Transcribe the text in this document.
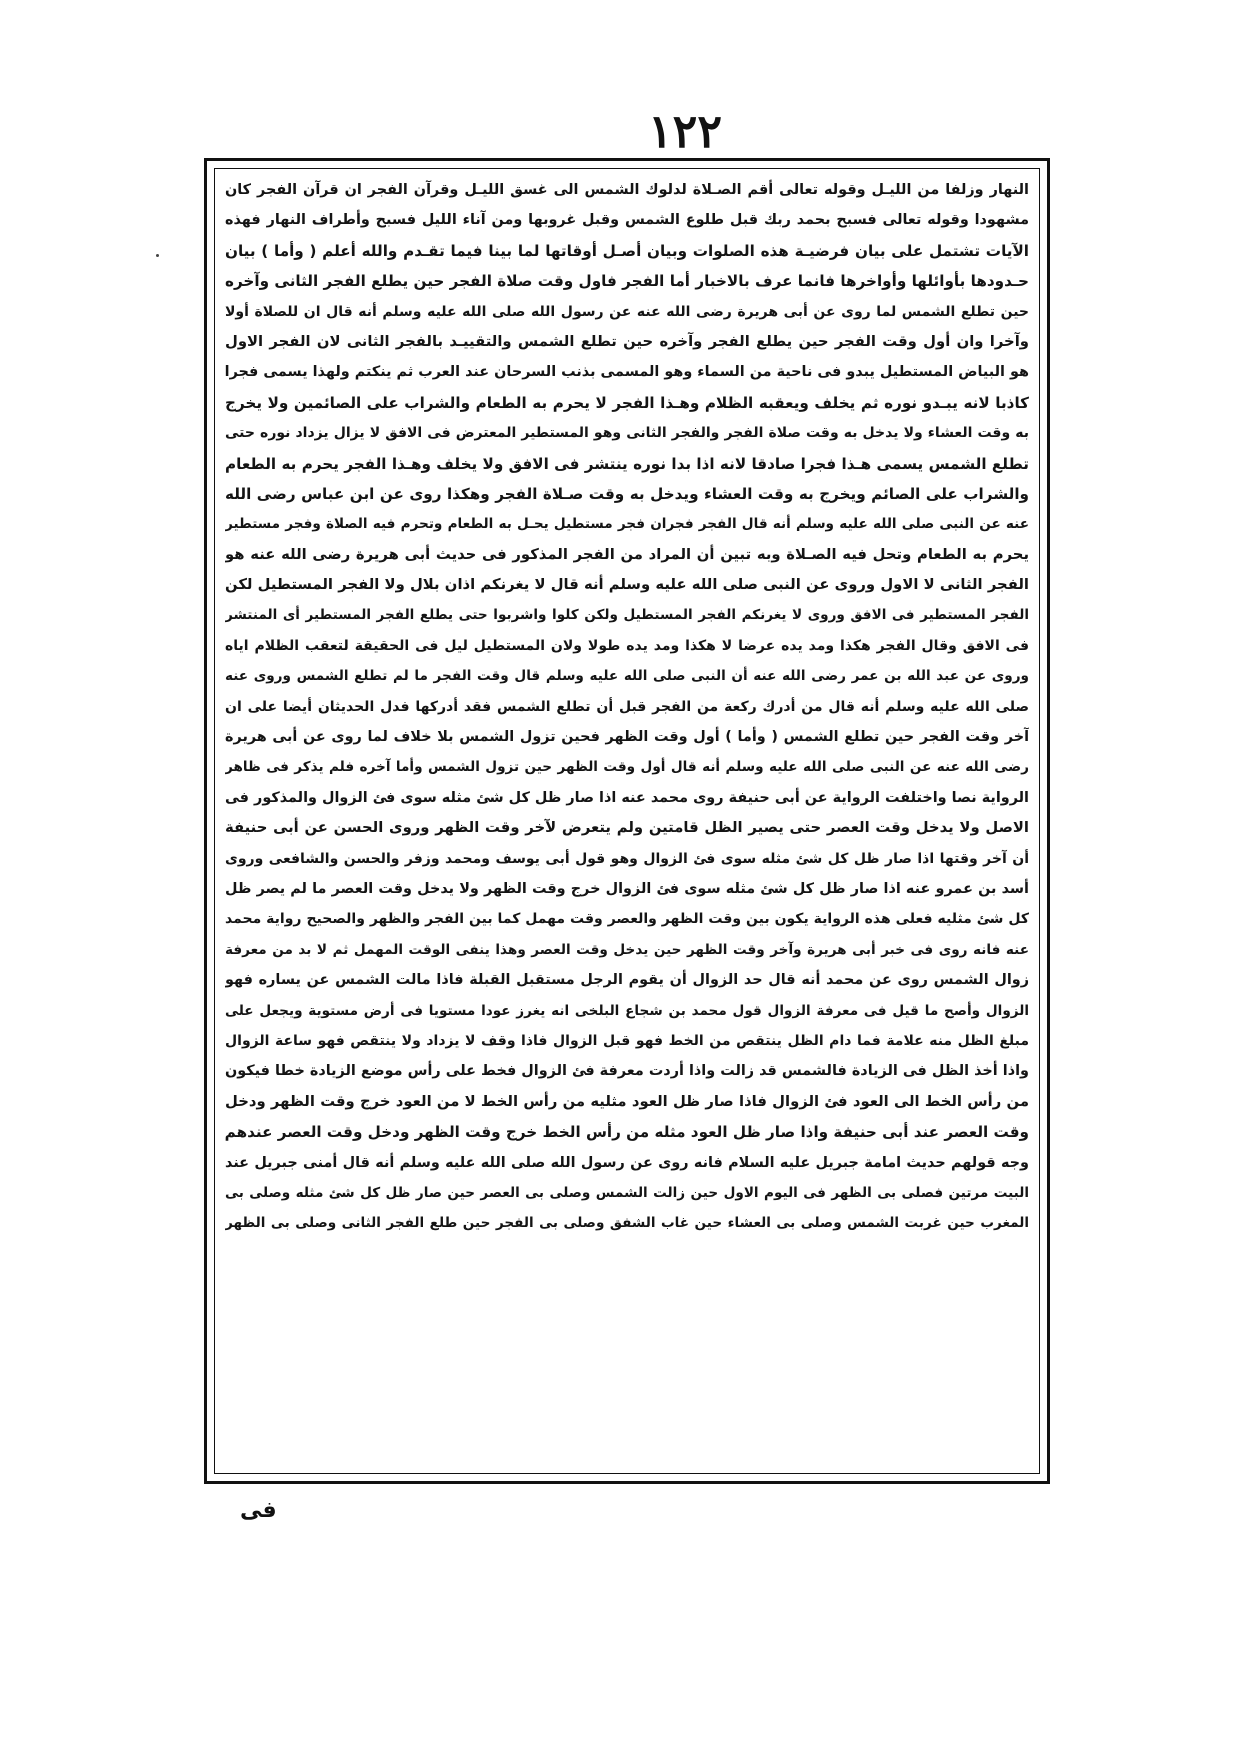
١٢٢
النهار وزلفا من الليـل وقوله تعالى أقم الصـلاة لدلوك الشمس الى غسق الليـل وقرآن الفجر ان قرآن الفجر كان
مشهودا وقوله تعالى فسبح بحمد ربك قبل طلوع الشمس وقبل غروبها ومن آناء الليل فسبح وأطراف النهار فهذه
الآيات تشتمل على بيان فرضيـة هذه الصلوات وبيان أصـل أوقاتها لما بينا فيما تقـدم والله أعلم ( وأما ) بيان
حـدودها بأوائلها وأواخرها فانما عرف بالاخبار أما الفجر فاول وقت صلاة الفجر حين يطلع الفجر الثانى وآخره
حين تطلع الشمس لما روى عن أبى هريرة رضى الله عنه عن رسول الله صلى الله عليه وسلم أنه قال ان للصلاة أولا
وآخرا وان أول وقت الفجر حين يطلع الفجر وآخره حين تطلع الشمس والتقييـد بالفجر الثانى لان الفجر الاول
هو البياض المستطيل يبدو فى ناحية من السماء وهو المسمى بذنب السرحان عند العرب ثم ينكتم ولهذا يسمى فجرا
كاذبا لانه يبـدو نوره ثم يخلف ويعقبه الظلام وهـذا الفجر لا يحرم به الطعام والشراب على الصائمين ولا يخرج
به وقت العشاء ولا يدخل به وقت صلاة الفجر والفجر الثانى وهو المستطير المعترض فى الافق لا يزال يزداد نوره حتى
تطلع الشمس يسمى هـذا فجرا صادقا لانه اذا بدا نوره ينتشر فى الافق ولا يخلف وهـذا الفجر يحرم به الطعام
والشراب على الصائم ويخرج به وقت العشاء ويدخل به وقت صـلاة الفجر وهكذا روى عن ابن عباس رضى الله
عنه عن النبى صلى الله عليه وسلم أنه قال الفجر فجران فجر مستطيل يحـل به الطعام وتحرم فيه الصلاة وفجر مستطير
يحرم به الطعام وتحل فيه الصـلاة وبه تبين أن المراد من الفجر المذكور فى حديث أبى هريرة رضى الله عنه هو
الفجر الثانى لا الاول وروى عن النبى صلى الله عليه وسلم أنه قال لا يغرنكم اذان بلال ولا الفجر المستطيل لكن
الفجر المستطير فى الافق وروى لا يغرنكم الفجر المستطيل ولكن كلوا واشربوا حتى يطلع الفجر المستطير أى المنتشر
فى الافق وقال الفجر هكذا ومد يده عرضا لا هكذا ومد يده طولا ولان المستطيل ليل فى الحقيقة لتعقب الظلام اياه
وروى عن عبد الله بن عمر رضى الله عنه أن النبى صلى الله عليه وسلم قال وقت الفجر ما لم تطلع الشمس وروى عنه
صلى الله عليه وسلم أنه قال من أدرك ركعة من الفجر قبل أن تطلع الشمس فقد أدركها فدل الحديثان أيضا على ان
آخر وقت الفجر حين تطلع الشمس ( وأما ) أول وقت الظهر فحين تزول الشمس بلا خلاف لما روى عن أبى هريرة
رضى الله عنه عن النبى صلى الله عليه وسلم أنه قال أول وقت الظهر حين تزول الشمس وأما آخره فلم يذكر فى ظاهر
الرواية نصا واختلفت الرواية عن أبى حنيفة روى محمد عنه اذا صار ظل كل شئ مثله سوى فئ الزوال والمذكور فى
الاصل ولا يدخل وقت العصر حتى يصير الظل قامتين ولم يتعرض لآخر وقت الظهر وروى الحسن عن أبى حنيفة
أن آخر وقتها اذا صار ظل كل شئ مثله سوى فئ الزوال وهو قول أبى يوسف ومحمد وزفر والحسن والشافعى وروى
أسد بن عمرو عنه اذا صار ظل كل شئ مثله سوى فئ الزوال خرج وقت الظهر ولا يدخل وقت العصر ما لم يصر ظل
كل شئ مثليه فعلى هذه الرواية يكون بين وقت الظهر والعصر وقت مهمل كما بين الفجر والظهر والصحيح رواية محمد
عنه فانه روى فى خبر أبى هريرة وآخر وقت الظهر حين يدخل وقت العصر وهذا ينفى الوقت المهمل ثم لا بد من معرفة
زوال الشمس روى عن محمد أنه قال حد الزوال أن يقوم الرجل مستقبل القبلة فاذا مالت الشمس عن يساره فهو
الزوال وأصح ما قيل فى معرفة الزوال قول محمد بن شجاع البلخى انه يغرز عودا مستويا فى أرض مستوية ويجعل على
مبلغ الظل منه علامة فما دام الظل ينتقص من الخط فهو قبل الزوال فاذا وقف لا يزداد ولا ينتقص فهو ساعة الزوال
واذا أخذ الظل فى الزيادة فالشمس قد زالت واذا أردت معرفة فئ الزوال فخط على رأس موضع الزيادة خطا فيكون
من رأس الخط الى العود فئ الزوال فاذا صار ظل العود مثليه من رأس الخط لا من العود خرج وقت الظهر ودخل
وقت العصر عند أبى حنيفة واذا صار ظل العود مثله من رأس الخط خرج وقت الظهر ودخل وقت العصر عندهم
وجه قولهم حديث امامة جبريل عليه السلام فانه روى عن رسول الله صلى الله عليه وسلم أنه قال أمنى جبريل عند
البيت مرتين فصلى بى الظهر فى اليوم الاول حين زالت الشمس وصلى بى العصر حين صار ظل كل شئ مثله وصلى بى
المغرب حين غربت الشمس وصلى بى العشاء حين غاب الشفق وصلى بى الفجر حين طلع الفجر الثانى وصلى بى الظهر
فى
